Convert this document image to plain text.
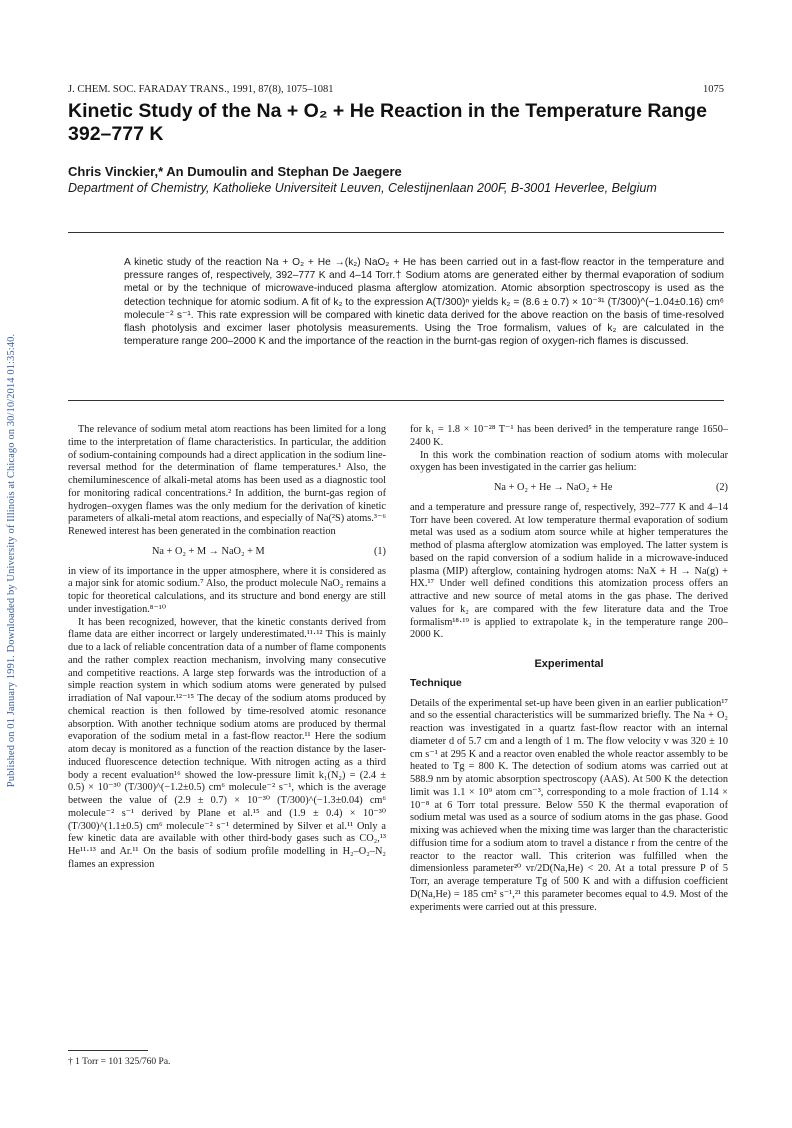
Published on 01 January 1991. Downloaded by University of Illinois at Chicago on 30/10/2014 01:35:40.
J. CHEM. SOC. FARADAY TRANS., 1991, 87(8), 1075–1081	1075
Kinetic Study of the Na + O₂ + He Reaction in the Temperature Range 392–777 K

Chris Vinckier,* An Dumoulin and Stephan De Jaegere

Department of Chemistry, Katholieke Universiteit Leuven, Celestijnenlaan 200F, B-3001 Heverlee, Belgium

A kinetic study of the reaction Na + O₂ + He →(k₂) NaO₂ + He has been carried out in a fast-flow reactor in the temperature and pressure ranges of, respectively, 392–777 K and 4–14 Torr.† Sodium atoms are generated either by thermal evaporation of sodium metal or by the technique of microwave-induced plasma afterglow atomization. Atomic absorption spectroscopy is used as the detection technique for atomic sodium. A fit of k₂ to the expression A(T/300)ⁿ yields k₂ = (8.6 ± 0.7) × 10⁻³¹ (T/300)^(−1.04±0.16) cm⁶ molecule⁻² s⁻¹. This rate expression will be compared with kinetic data derived for the above reaction on the basis of time-resolved flash photolysis and excimer laser photolysis measurements. Using the Troe formalism, values of k₂ are calculated in the temperature range 200–2000 K and the importance of the reaction in the burnt-gas region of oxygen-rich flames is discussed.

The relevance of sodium metal atom reactions has been limited for a long time to the interpretation of flame characteristics. In particular, the addition of sodium-containing compounds had a direct application in the sodium line-reversal method for the determination of flame temperatures.¹ Also, the chemiluminescence of alkali-metal atoms has been used as a diagnostic tool for monitoring radical concentrations.² In addition, the burnt-gas region of hydrogen–oxygen flames was the only medium for the derivation of kinetic parameters of alkali-metal atom reactions, and especially of Na(²S) atoms.³⁻⁶ Renewed interest has been generated in the combination reaction

Na + O₂ + M → NaO₂ + M	(1)

in view of its importance in the upper atmosphere, where it is considered as a major sink for atomic sodium.⁷ Also, the product molecule NaO₂ remains a topic for theoretical calculations, and its structure and bond energy are still under investigation.⁸⁻¹⁰

It has been recognized, however, that the kinetic constants derived from flame data are either incorrect or largely underestimated.¹¹·¹² This is mainly due to a lack of reliable concentration data of a number of flame components and the rather complex reaction mechanism, involving many consecutive and competitive reactions. A large step forwards was the introduction of a simple reaction system in which sodium atoms were generated by pulsed irradiation of NaI vapour.¹²⁻¹⁵ The decay of the sodium atoms produced by chemical reaction is then followed by time-resolved atomic resonance absorption. With another technique sodium atoms are produced by thermal evaporation of the sodium metal in a fast-flow reactor.¹¹ Here the sodium atom decay is monitored as a function of the reaction distance by the laser-induced fluorescence detection technique. With nitrogen acting as a third body a recent evaluation¹⁶ showed the low-pressure limit k₁(N₂) = (2.4 ± 0.5) × 10⁻³⁰ (T/300)^(−1.2±0.5) cm⁶ molecule⁻² s⁻¹, which is the average between the value of (2.9 ± 0.7) × 10⁻³⁰ (T/300)^(−1.3±0.04) cm⁶ molecule⁻² s⁻¹ derived by Plane et al.¹⁵ and (1.9 ± 0.4) × 10⁻³⁰ (T/300)^(1.1±0.5) cm⁶ molecule⁻² s⁻¹ determined by Silver et al.¹¹ Only a few kinetic data are available with other third-body gases such as CO₂,¹³ He¹¹·¹³ and Ar.¹¹ On the basis of sodium profile modelling in H₂–O₂–N₂ flames an expression

for k₁ = 1.8 × 10⁻²⁸ T⁻¹ has been derived⁵ in the temperature range 1650–2400 K.

In this work the combination reaction of sodium atoms with molecular oxygen has been investigated in the carrier gas helium:

Na + O₂ + He → NaO₂ + He	(2)

and a temperature and pressure range of, respectively, 392–777 K and 4–14 Torr have been covered. At low temperature thermal evaporation of sodium metal was used as a sodium atom source while at higher temperatures the method of plasma afterglow atomization was employed. The latter system is based on the rapid conversion of a sodium halide in a microwave-induced plasma (MIP) afterglow, containing hydrogen atoms: NaX + H → Na(g) + HX.¹⁷ Under well defined conditions this atomization process offers an attractive and new source of metal atoms in the gas phase. The derived values for k₂ are compared with the few literature data and the Troe formalism¹⁸·¹⁹ is applied to extrapolate k₂ in the temperature range 200–2000 K.

Experimental
Technique

Details of the experimental set-up have been given in an earlier publication¹⁷ and so the essential characteristics will be summarized briefly. The Na + O₂ reaction was investigated in a quartz fast-flow reactor with an internal diameter d of 5.7 cm and a length of 1 m. The flow velocity v was 320 ± 10 cm s⁻¹ at 295 K and a reactor oven enabled the whole reactor assembly to be heated to Tg = 800 K. The detection of sodium atoms was carried out at 588.9 nm by atomic absorption spectroscopy (AAS). At 500 K the detection limit was 1.1 × 10⁹ atom cm⁻³, corresponding to a mole fraction of 1.14 × 10⁻⁸ at 6 Torr total pressure. Below 550 K the thermal evaporation of sodium metal was used as a source of sodium atoms in the gas phase. Good mixing was achieved when the mixing time was larger than the characteristic diffusion time for a sodium atom to travel a distance r from the centre of the reactor to the reactor wall. This criterion was fulfilled when the dimensionless parameter²⁰ vr/2D(Na,He) < 20. At a total pressure P of 5 Torr, an average temperature Tg of 500 K and with a diffusion coefficient D(Na,He) = 185 cm² s⁻¹,²¹ this parameter becomes equal to 4.9. Most of the experiments were carried out at this pressure.

† 1 Torr = 101 325/760 Pa.
